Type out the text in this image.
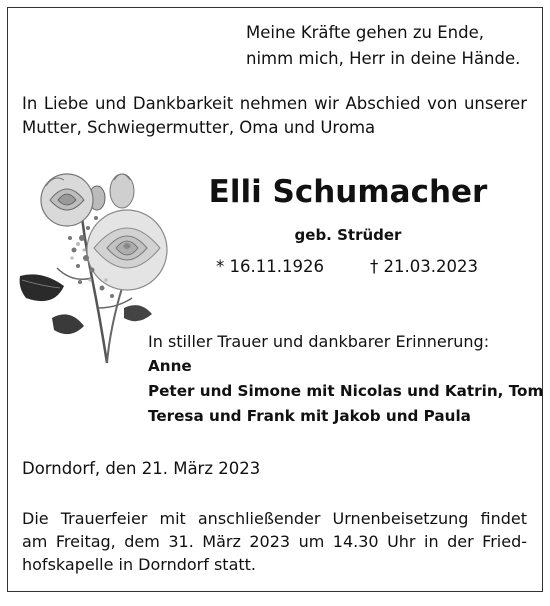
Meine Kräfte gehen zu Ende,
nimm mich, Herr in deine Hände.
In Liebe und Dankbarkeit nehmen wir Abschied von unserer
Mutter, Schwiegermutter, Oma und Uroma
Elli Schumacher
geb. Strüder
* 16.11.1926	† 21.03.2023
In stiller Trauer und dankbarer Erinnerung:
Anne
Peter und Simone mit Nicolas und Katrin, Tom
Teresa und Frank mit Jakob und Paula
Dorndorf, den 21. März 2023
Die Trauerfeier mit anschließender Urnenbeisetzung findet
am Freitag, dem 31. März 2023 um 14.30 Uhr in der Fried-
hofskapelle in Dorndorf statt.
